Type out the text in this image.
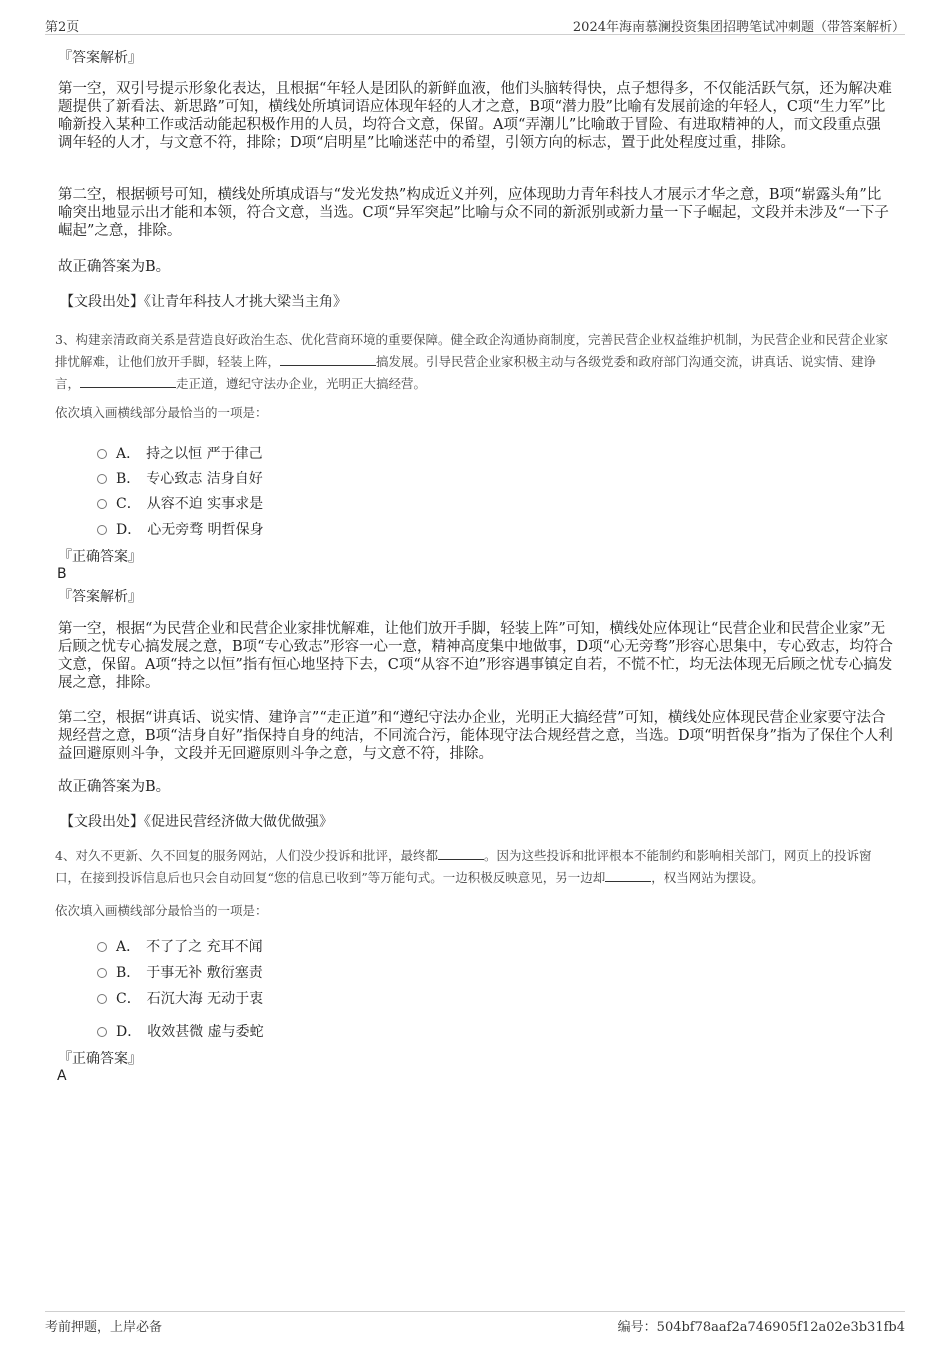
第2页	2024年海南慕澜投资集团招聘笔试冲刺题（带答案解析）

『答案解析』

第一空，双引号提示形象化表达，且根据“年轻人是团队的新鲜血液，他们头脑转得快，点子想得多，不仅能活跃气氛，还为解决难题提供了新看法、新思路”可知，横线处所填词语应体现年轻的人才之意，B项“潜力股”比喻有发展前途的年轻人，C项“生力军”比喻新投入某种工作或活动能起积极作用的人员，均符合文意，保留。A项“弄潮儿”比喻敢于冒险、有进取精神的人，而文段重点强调年轻的人才，与文意不符，排除；D项“启明星”比喻迷茫中的希望，引领方向的标志，置于此处程度过重，排除。

第二空，根据顿号可知，横线处所填成语与“发光发热”构成近义并列，应体现助力青年科技人才展示才华之意，B项“崭露头角”比喻突出地显示出才能和本领，符合文意，当选。C项“异军突起”比喻与众不同的新派别或新力量一下子崛起，文段并未涉及“一下子崛起”之意，排除。

故正确答案为B。

【文段出处】《让青年科技人才挑大梁当主角》

3、构建亲清政商关系是营造良好政治生态、优化营商环境的重要保障。健全政企沟通协商制度，完善民营企业权益维护机制，为民营企业和民营企业家排忧解难，让他们放开手脚，轻装上阵，	搞发展。引导民营企业家积极主动与各级党委和政府部门沟通交流，讲真话、说实情、建诤言，	走正道，遵纪守法办企业，光明正大搞经营。

依次填入画横线部分最恰当的一项是：

A． 持之以恒 严于律己
B． 专心致志 洁身自好
C． 从容不迫 实事求是
D． 心无旁骛 明哲保身

『正确答案』

B

『答案解析』

第一空，根据“为民营企业和民营企业家排忧解难，让他们放开手脚，轻装上阵”可知，横线处应体现让“民营企业和民营企业家”无后顾之忧专心搞发展之意，B项“专心致志”形容一心一意，精神高度集中地做事，D项“心无旁骛”形容心思集中，专心致志，均符合文意，保留。A项“持之以恒”指有恒心地坚持下去，C项“从容不迫”形容遇事镇定自若，不慌不忙，均无法体现无后顾之忧专心搞发展之意，排除。

第二空，根据“讲真话、说实情、建诤言”“走正道”和“遵纪守法办企业，光明正大搞经营”可知，横线处应体现民营企业家要守法合规经营之意，B项“洁身自好”指保持自身的纯洁，不同流合污，能体现守法合规经营之意，当选。D项“明哲保身”指为了保住个人利益回避原则斗争，文段并无回避原则斗争之意，与文意不符，排除。

故正确答案为B。

【文段出处】《促进民营经济做大做优做强》

4、对久不更新、久不回复的服务网站，人们没少投诉和批评，最终都	。因为这些投诉和批评根本不能制约和影响相关部门，网页上的投诉窗口，在接到投诉信息后也只会自动回复“您的信息已收到”等万能句式。一边积极反映意见，另一边却	，权当网站为摆设。

依次填入画横线部分最恰当的一项是：

A． 不了了之 充耳不闻
B． 于事无补 敷衍塞责
C． 石沉大海 无动于衷
D． 收效甚微 虚与委蛇

『正确答案』

A

考前押题，上岸必备	编号：504bf78aaf2a746905f12a02e3b31fb4
